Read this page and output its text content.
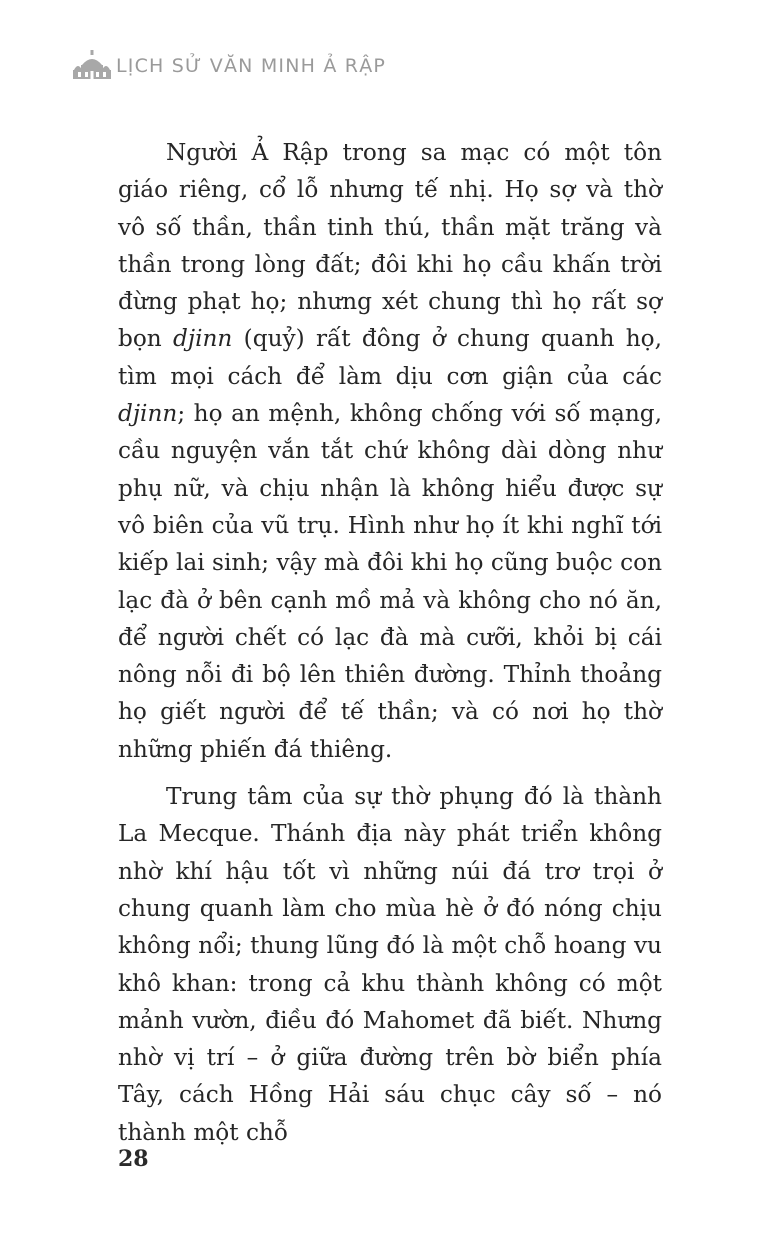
LỊCH SỬ VĂN MINH Ả RẬP

Người Ả Rập trong sa mạc có một tôn giáo riêng, cổ lỗ nhưng tế nhị. Họ sợ và thờ vô số thần, thần tinh thú, thần mặt trăng và thần trong lòng đất; đôi khi họ cầu khấn trời đừng phạt họ; nhưng xét chung thì họ rất sợ bọn djinn (quỷ) rất đông ở chung quanh họ, tìm mọi cách để làm dịu cơn giận của các djinn; họ an mệnh, không chống với số mạng, cầu nguyện vắn tắt chứ không dài dòng như phụ nữ, và chịu nhận là không hiểu được sự vô biên của vũ trụ. Hình như họ ít khi nghĩ tới kiếp lai sinh; vậy mà đôi khi họ cũng buộc con lạc đà ở bên cạnh mồ mả và không cho nó ăn, để người chết có lạc đà mà cưỡi, khỏi bị cái nông nỗi đi bộ lên thiên đường. Thỉnh thoảng họ giết người để tế thần; và có nơi họ thờ những phiến đá thiêng.

Trung tâm của sự thờ phụng đó là thành La Mecque. Thánh địa này phát triển không nhờ khí hậu tốt vì những núi đá trơ trọi ở chung quanh làm cho mùa hè ở đó nóng chịu không nổi; thung lũng đó là một chỗ hoang vu khô khan: trong cả khu thành không có một mảnh vườn, điều đó Mahomet đã biết. Nhưng nhờ vị trí – ở giữa đường trên bờ biển phía Tây, cách Hồng Hải sáu chục cây số – nó thành một chỗ

28
